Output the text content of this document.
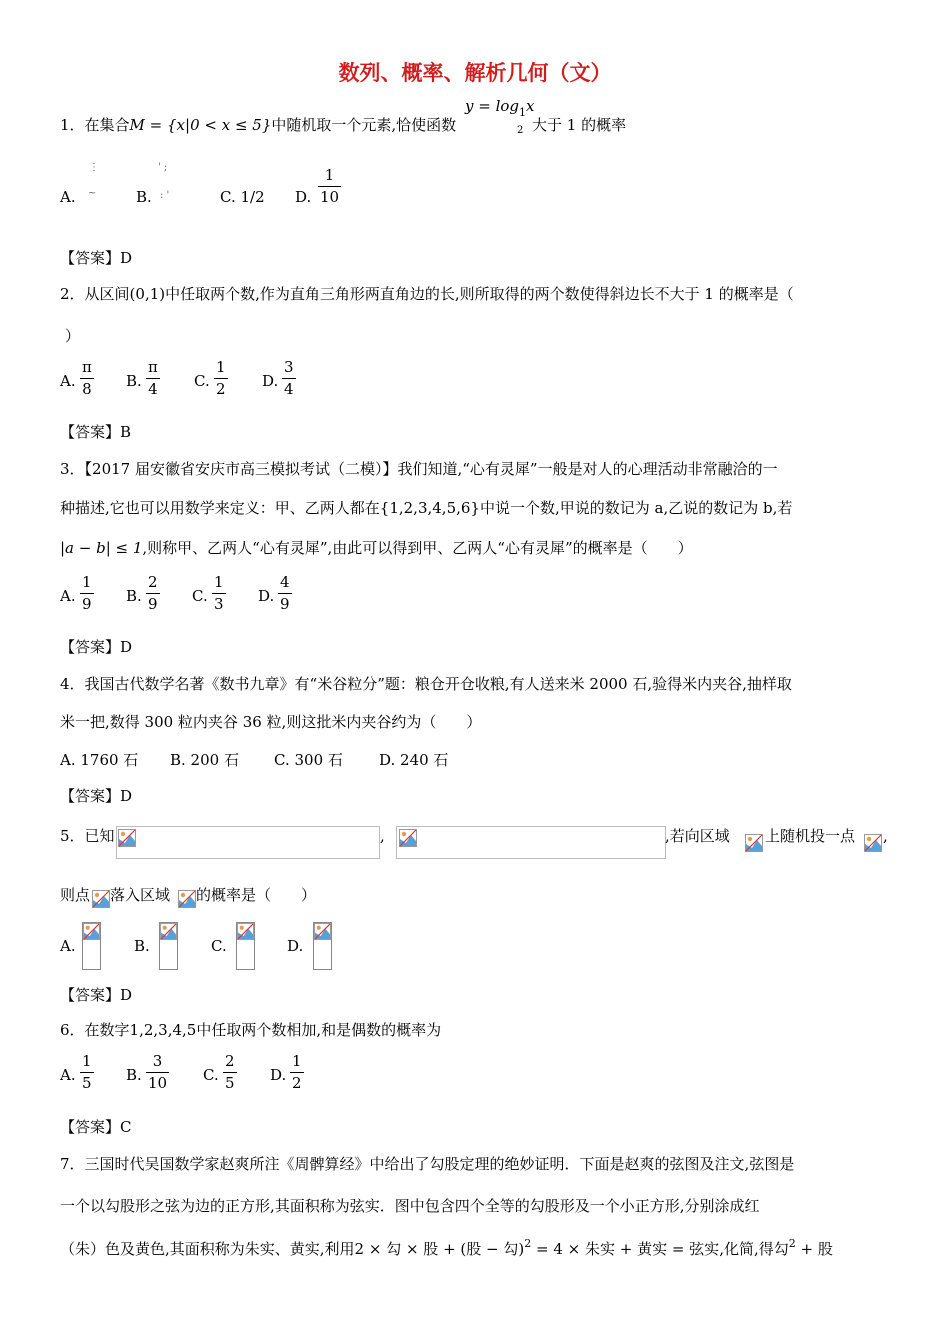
数列、概率、解析几何（文）
1．在集合M = {x|0 < x ≤ 5}中随机取一个元素,恰使函数
$y = \log_1x$
2 大于 1 的概率
⋮
~
' ;
: '
A.	B.	C. 1/2 D.
1
10
【答案】D
2．从区间(0,1)中任取两个数,作为直角三角形两直角边的长,则所取得的两个数使得斜边长不大于 1 的概率是（
）
A.
π
8 B.
π
4 C.
1
2 D.
3
4
【答案】B
3．【2017 届安徽省安庆市高三模拟考试（二模）】我们知道,“心有灵犀”一般是对人的心理活动非常融洽的一
种描述,它也可以用数学来定义：甲、乙两人都在{1,2,3,4,5,6}中说一个数,甲说的数记为 a,乙说的数记为 b,若
|a − b| ≤ 1,则称甲、乙两人“心有灵犀”,由此可以得到甲、乙两人“心有灵犀”的概率是（　　）
A.
1
9 B.
2
9 C.
1
3 D.
4
9
【答案】D
4．我国古代数学名著《数书九章》有“米谷粒分”题：粮仓开仓收粮,有人送来米 2000 石,验得米内夹谷,抽样取
米一把,数得 300 粒内夹谷 36 粒,则这批米内夹谷约为（　　）
A. 1760 石 B. 200 石 C. 300 石 D. 240 石
【答案】D
5．已知	,	,若向区域 上随机投一点 ,
则点 落入区域 的概率是（　　）
A.	B.	C.	D.
【答案】D
6．在数字1,2,3,4,5中任取两个数相加,和是偶数的概率为
A.
1
5 B.
3
10 C.
2
5 D.
1
2
【答案】C
7．三国时代吴国数学家赵爽所注《周髀算经》中给出了勾股定理的绝妙证明．下面是赵爽的弦图及注文,弦图是
一个以勾股形之弦为边的正方形,其面积称为弦实．图中包含四个全等的勾股形及一个小正方形,分别涂成红
（朱）色及黄色,其面积称为朱实、黄实,利用2 × 勾 × 股 + (股 − 勾)$^2$ = 4 × 朱实 + 黄实 = 弦实,化简,得勾$^2$ + 股
